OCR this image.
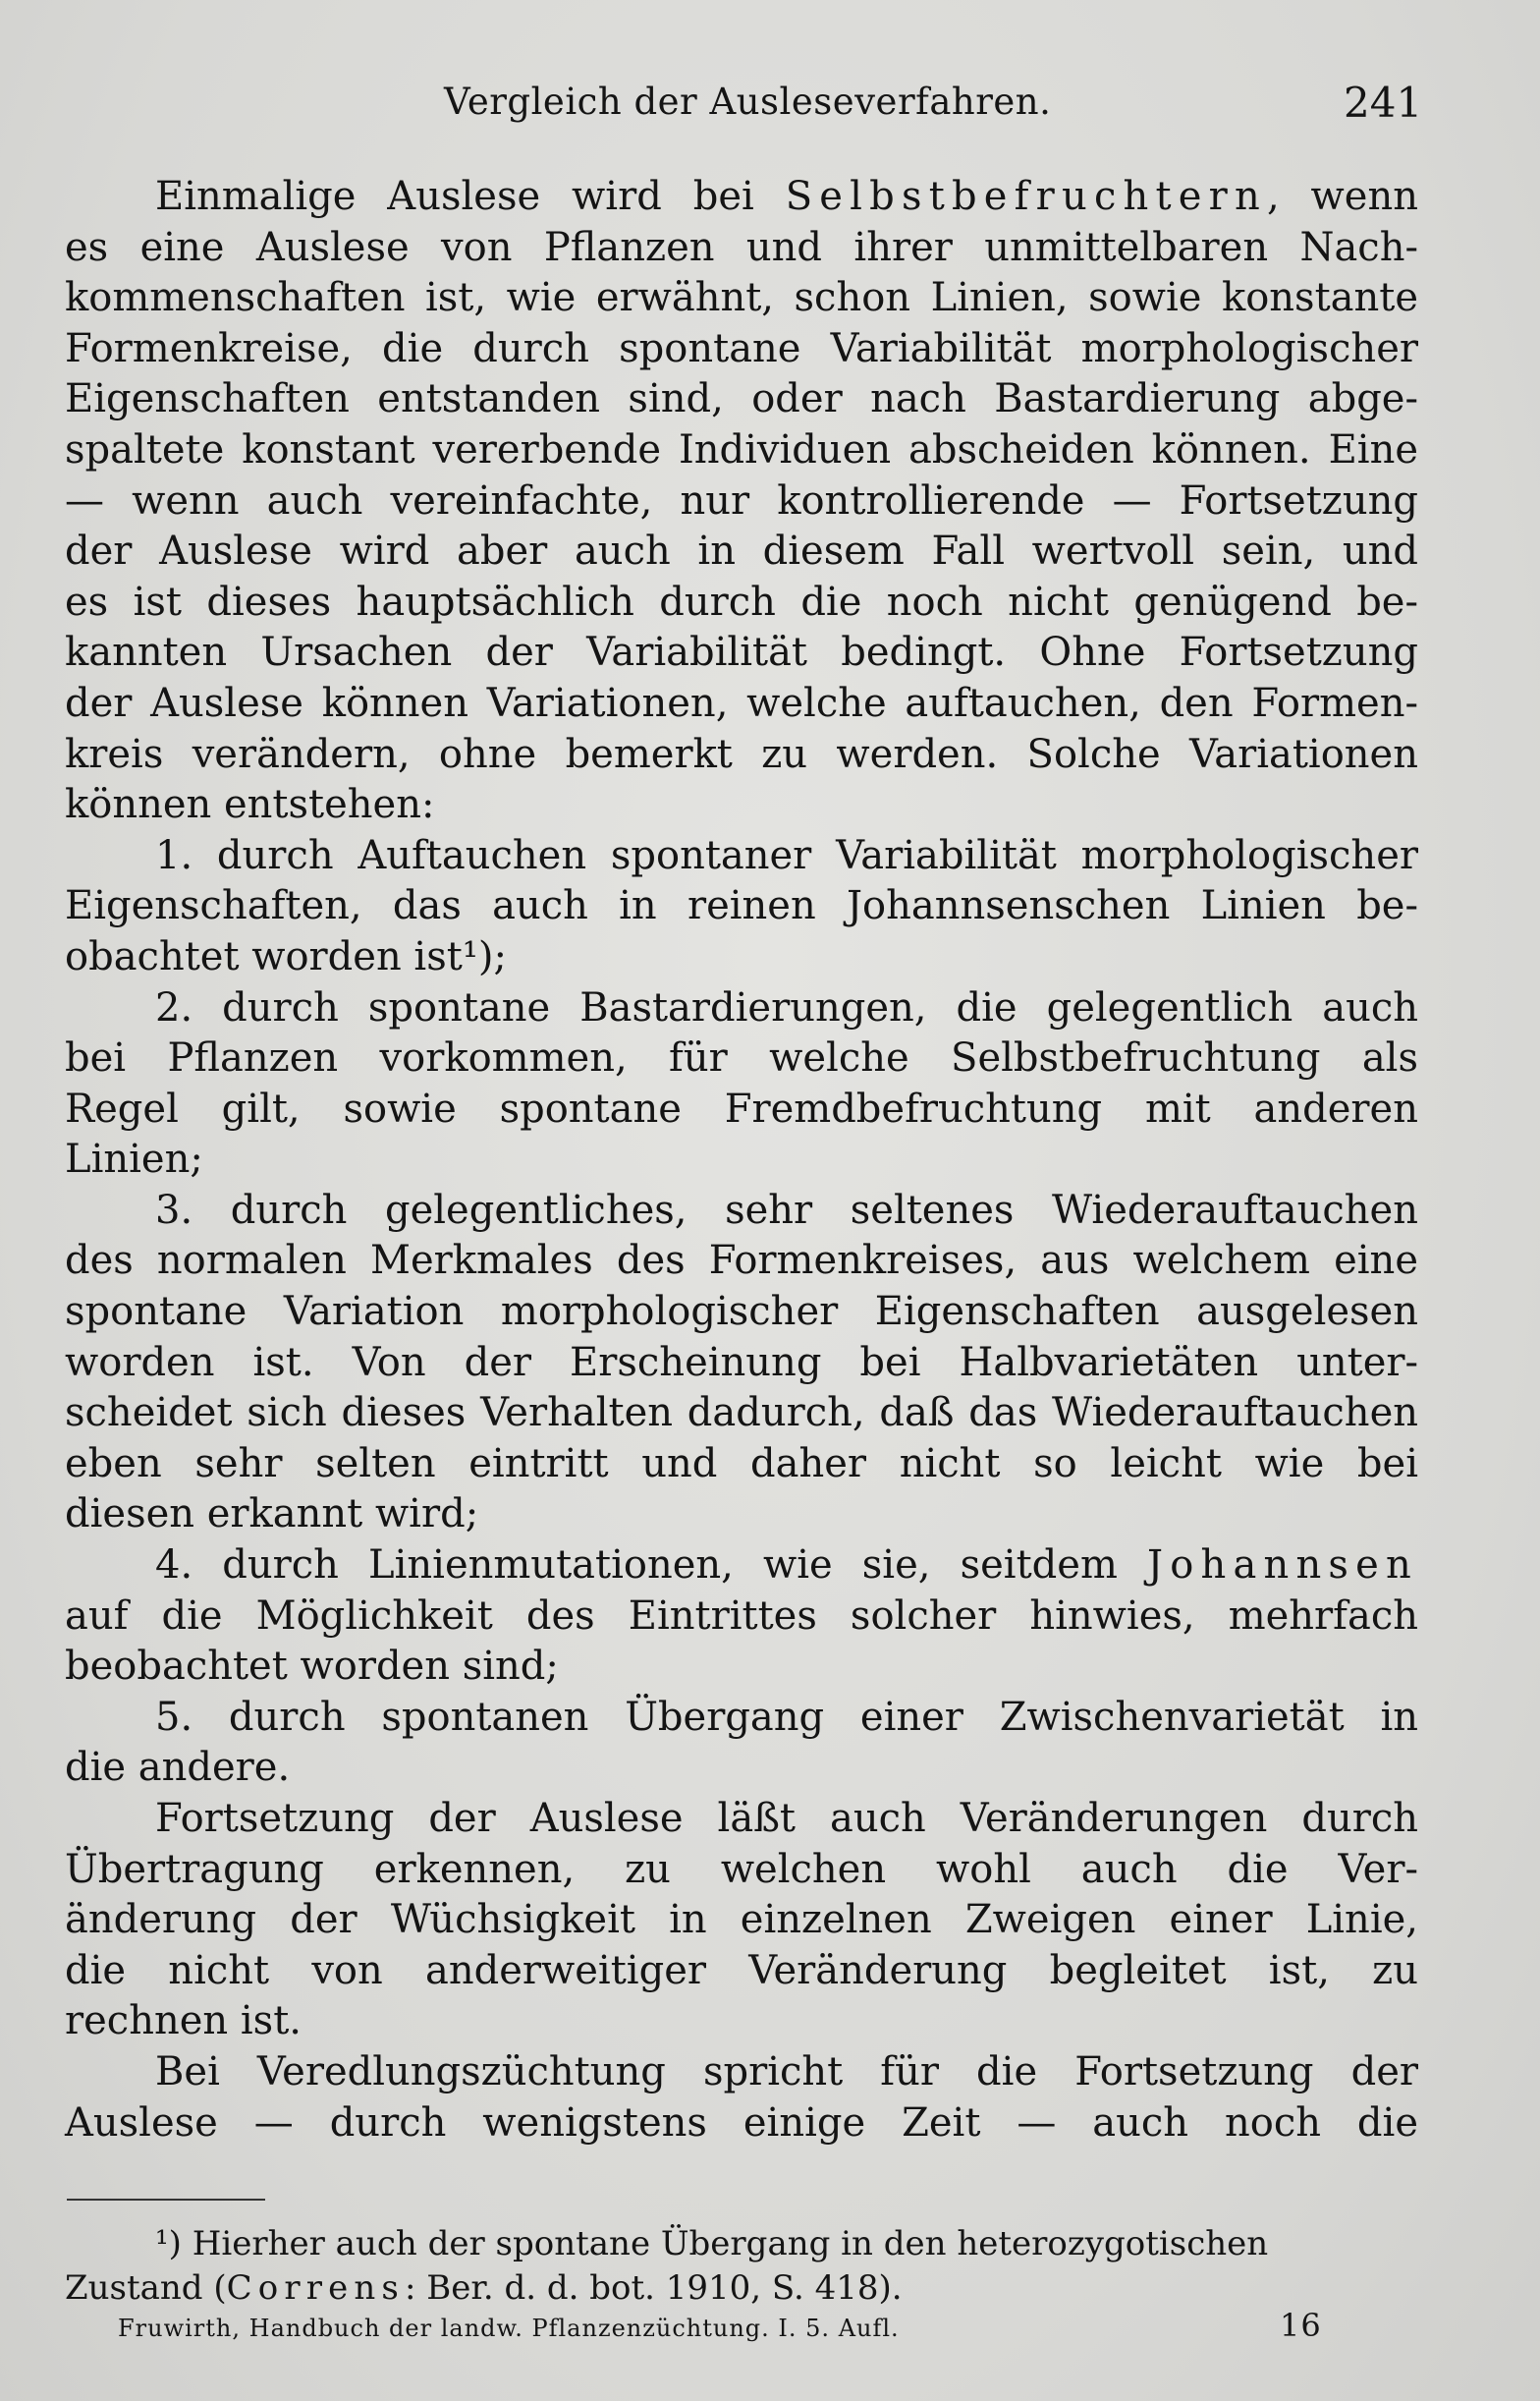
Vergleich der Ausleseverfahren.	241
Einmalige Auslese wird bei Selbstbefruchtern, wenn
es eine Auslese von Pflanzen und ihrer unmittelbaren Nach-
kommenschaften ist, wie erwähnt, schon Linien, sowie konstante
Formenkreise, die durch spontane Variabilität morphologischer
Eigenschaften entstanden sind, oder nach Bastardierung abge-
spaltete konstant vererbende Individuen abscheiden können. Eine
— wenn auch vereinfachte, nur kontrollierende — Fortsetzung
der Auslese wird aber auch in diesem Fall wertvoll sein, und
es ist dieses hauptsächlich durch die noch nicht genügend be-
kannten Ursachen der Variabilität bedingt. Ohne Fortsetzung
der Auslese können Variationen, welche auftauchen, den Formen-
kreis verändern, ohne bemerkt zu werden. Solche Variationen
können entstehen:
1. durch Auftauchen spontaner Variabilität morphologischer
Eigenschaften, das auch in reinen Johannsenschen Linien be-
obachtet worden ist¹);
2. durch spontane Bastardierungen, die gelegentlich auch
bei Pflanzen vorkommen, für welche Selbstbefruchtung als
Regel gilt, sowie spontane Fremdbefruchtung mit anderen
Linien;
3. durch gelegentliches, sehr seltenes Wiederauftauchen
des normalen Merkmales des Formenkreises, aus welchem eine
spontane Variation morphologischer Eigenschaften ausgelesen
worden ist. Von der Erscheinung bei Halbvarietäten unter-
scheidet sich dieses Verhalten dadurch, daß das Wiederauftauchen
eben sehr selten eintritt und daher nicht so leicht wie bei
diesen erkannt wird;
4. durch Linienmutationen, wie sie, seitdem Johannsen
auf die Möglichkeit des Eintrittes solcher hinwies, mehrfach
beobachtet worden sind;
5. durch spontanen Übergang einer Zwischenvarietät in
die andere.
Fortsetzung der Auslese läßt auch Veränderungen durch
Übertragung erkennen, zu welchen wohl auch die Ver-
änderung der Wüchsigkeit in einzelnen Zweigen einer Linie,
die nicht von anderweitiger Veränderung begleitet ist, zu
rechnen ist.
Bei Veredlungszüchtung spricht für die Fortsetzung der
Auslese — durch wenigstens einige Zeit — auch noch die
¹) Hierher auch der spontane Übergang in den heterozygotischen
Zustand (Correns: Ber. d. d. bot. 1910, S. 418).
Fruwirth, Handbuch der landw. Pflanzenzüchtung. I. 5. Aufl.	16
